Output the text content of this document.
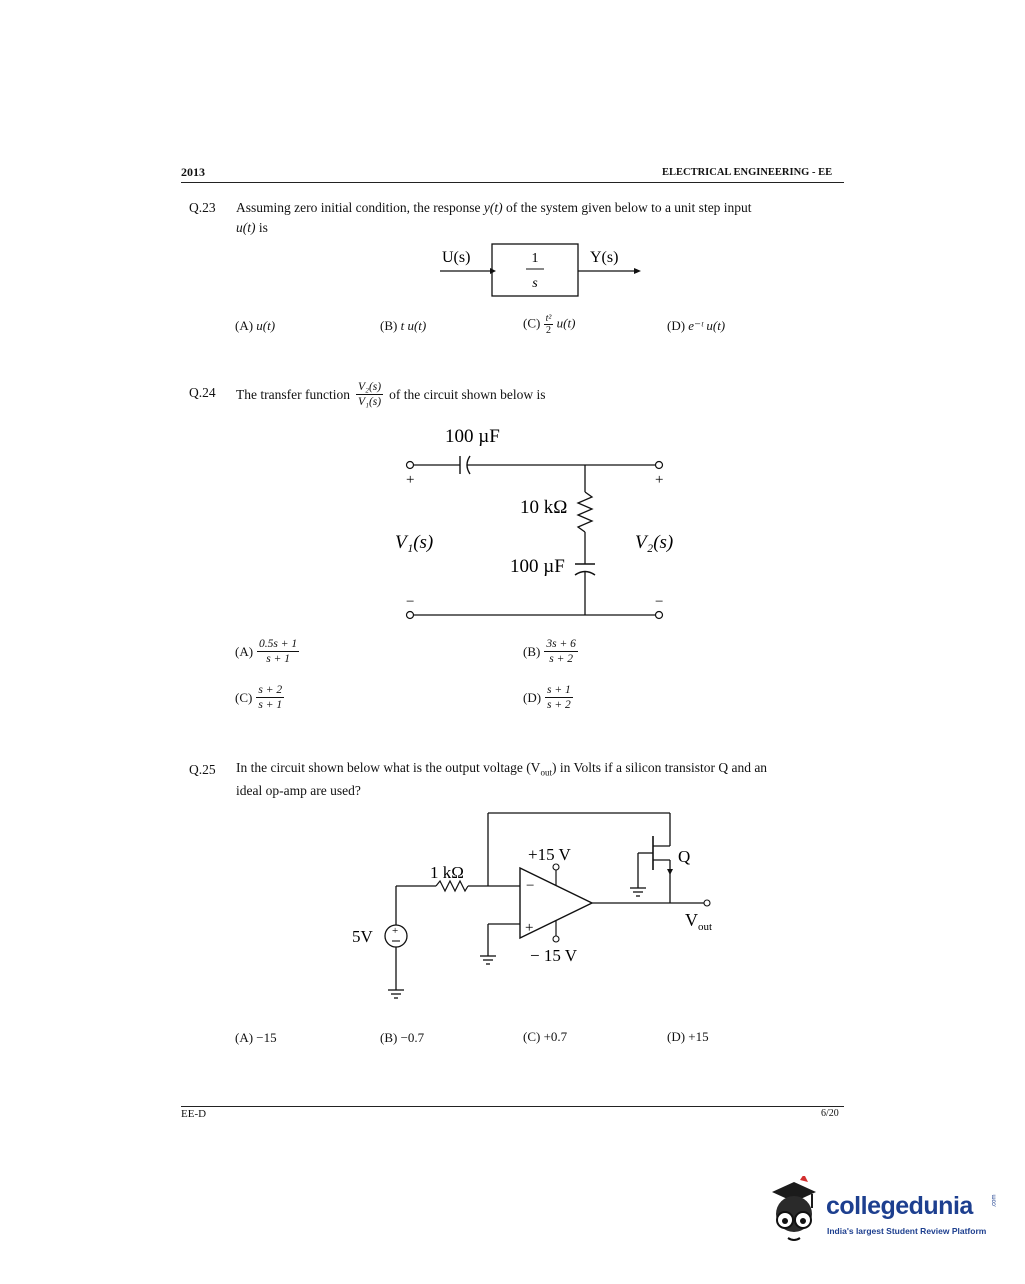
2013	ELECTRICAL ENGINEERING - EE
Q.23 Assuming zero initial condition, the response y(t) of the system given below to a unit step input
u(t) is
U(s)	1
s
Y(s)
(A) u(t)	(B) t u(t)	$(C) \frac{\text{t²}}{2} u(t)$	(D) e⁻ᵗ u(t)
Q.24 The transfer function $\frac{\text{V₂(s)}}{\text{V₁(s)}}$ of the circuit shown below is
100 µF
10 kΩ
100 µF
V₁(s)	V₂(s)
+	+
−	−
$(A) \frac{0.5s + 1}{s + 1}$	$(B) \frac{3s + 6}{s + 2}$
$(C) \frac{s + 2}{s + 1}$	$(D) \frac{s + 1}{s + 2}$
Q.25 In the circuit shown below what is the output voltage $(V_{out})$ in Volts if a silicon transistor Q and an
ideal op-amp are used?
−
+
+15 V
− 15 V
Q
+
5V
1 kΩ
$V_{out}$
(A) −15	(B) −0.7	(C) +0.7	(D) +15
EE-D	6/20
collegedunia	.com
India's largest Student Review Platform
